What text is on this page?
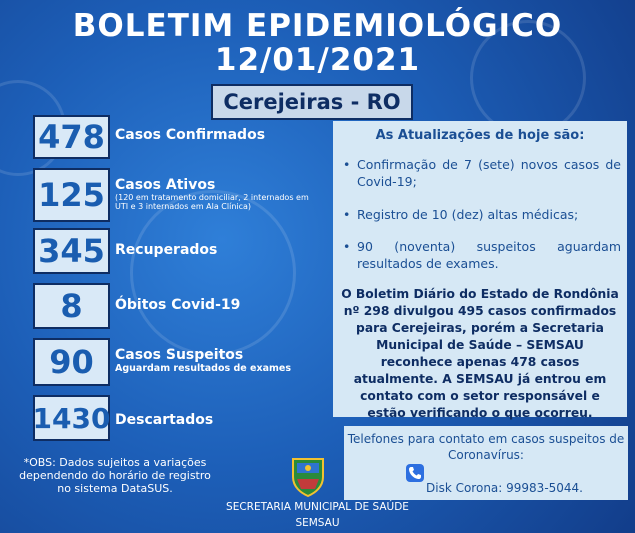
BOLETIM EPIDEMIOLÓGICO
12/01/2021
Cerejeiras - RO
478 Casos Confirmados
125 Casos Ativos
(120 em tratamento domiciliar, 2 internados em UTI e 3 internados em Ala Clínica)
345 Recuperados
8	Óbitos Covid-19
90	Casos Suspeitos
Aguardam resultados de exames
1430 Descartados
As Atualizações de hoje são:
• Confirmação de 7 (sete) novos casos de Covid-19;
• Registro de 10 (dez) altas médicas;
• 90 (noventa) suspeitos aguardam resultados de exames.
O Boletim Diário do Estado de Rondônia nº 298 divulgou 495 casos confirmados para Cerejeiras, porém a Secretaria Municipal de Saúde – SEMSAU reconhece apenas 478 casos atualmente. A SEMSAU já entrou em contato com o setor responsável e estão verificando o que ocorreu.
Telefones para contato em casos suspeitos de Coronavírus:
Disk Corona: 99983-5044.
*OBS: Dados sujeitos a variações dependendo do horário de registro no sistema DataSUS.
SECRETARIA MUNICIPAL DE SAÚDE
SEMSAU
